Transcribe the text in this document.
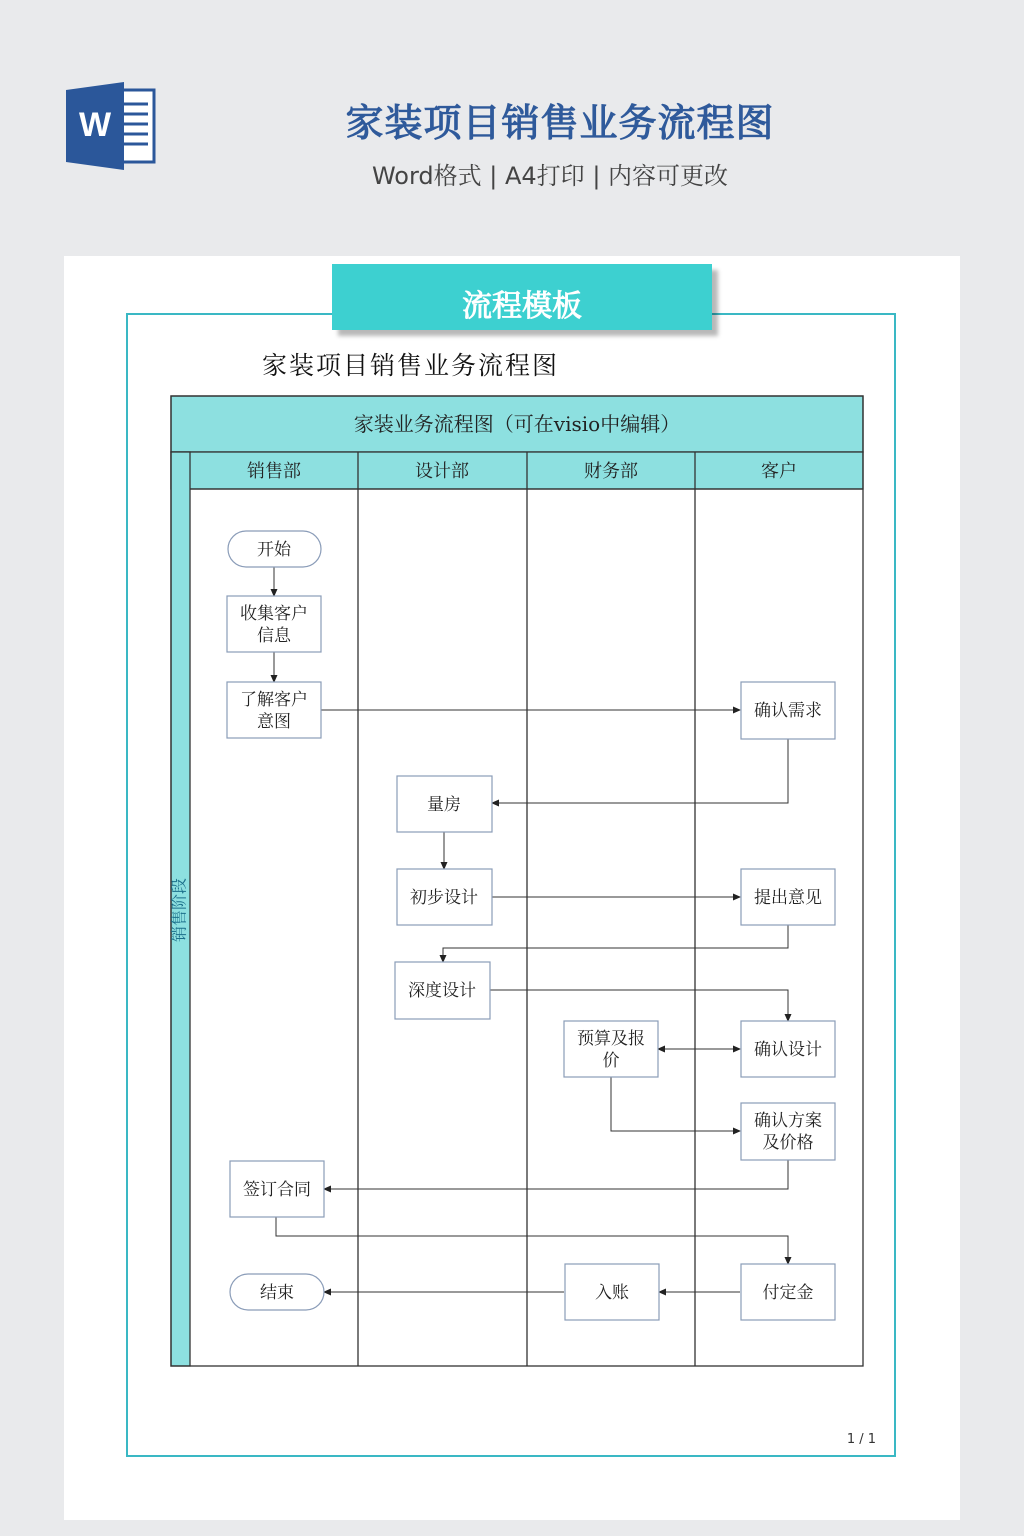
W	家装项目销售业务流程图
Word格式 | A4打印 | 内容可更改
流程模板
家装项目销售业务流程图
1 / 1
家装业务流程图（可在visio中编辑）
销售部	设计部	财务部	客户
销售阶段
开始
收集客户
信息
了解客户
意图
确认需求
量房
初步设计	提出意见
深度设计
预算及报
价
确认设计
确认方案
及价格
签订合同
付定金
入账
结束
